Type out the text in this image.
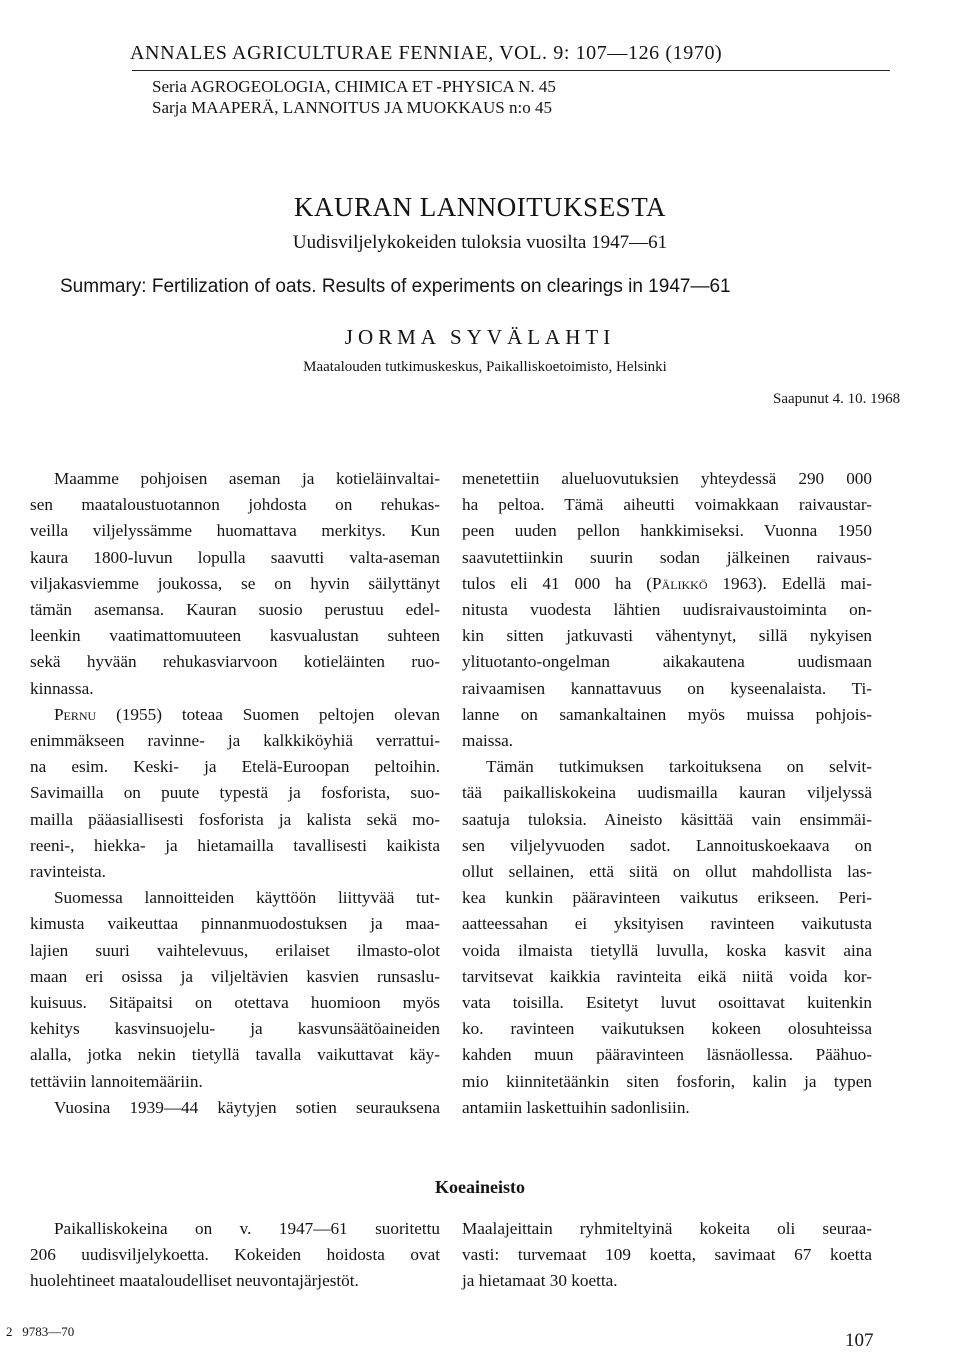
ANNALES AGRICULTURAE FENNIAE, VOL. 9: 107—126 (1970)
Seria AGROGEOLOGIA, CHIMICA ET -PHYSICA N. 45
Sarja MAAPERÄ, LANNOITUS JA MUOKKAUS n:o 45
KAURAN LANNOITUKSESTA
Uudisviljelykokeiden tuloksia vuosilta 1947—61
Summary: Fertilization of oats. Results of experiments on clearings in 1947—61
JORMA SYVÄLAHTI
Maatalouden tutkimuskeskus, Paikalliskoetoimisto, Helsinki
Saapunut 4. 10. 1968

Maamme pohjoisen aseman ja kotieläinvaltai-

sen maataloustuotannon johdosta on rehukas-

veilla viljelyssämme huomattava merkitys. Kun

kaura 1800-luvun lopulla saavutti valta-aseman

viljakasviemme joukossa, se on hyvin säilyttänyt

tämän asemansa. Kauran suosio perustuu edel-

leenkin vaatimattomuuteen kasvualustan suhteen

sekä hyvään rehukasviarvoon kotieläinten ruo-

kinnassa.

Pernu (1955) toteaa Suomen peltojen olevan

enimmäkseen ravinne- ja kalkkiköyhiä verrattui-

na esim. Keski- ja Etelä-Euroopan peltoihin.

Savimailla on puute typestä ja fosforista, suo-

mailla pääasiallisesti fosforista ja kalista sekä mo-

reeni-, hiekka- ja hietamailla tavallisesti kaikista

ravinteista.

Suomessa lannoitteiden käyttöön liittyvää tut-

kimusta vaikeuttaa pinnanmuodostuksen ja maa-

lajien suuri vaihtelevuus, erilaiset ilmasto-olot

maan eri osissa ja viljeltävien kasvien runsaslu-

kuisuus. Sitäpaitsi on otettava huomioon myös

kehitys kasvinsuojelu- ja kasvunsäätöaineiden

alalla, jotka nekin tietyllä tavalla vaikuttavat käy-

tettäviin lannoitemääriin.

Vuosina 1939—44 käytyjen sotien seurauksena

menetettiin alueluovutuksien yhteydessä 290 000

ha peltoa. Tämä aiheutti voimakkaan raivaustar-

peen uuden pellon hankkimiseksi. Vuonna 1950

saavutettiinkin suurin sodan jälkeinen raivaus-

tulos eli 41 000 ha (Pälikkö 1963). Edellä mai-

nitusta vuodesta lähtien uudisraivaustoiminta on-

kin sitten jatkuvasti vähentynyt, sillä nykyisen

ylituotanto-ongelman aikakautena uudismaan

raivaamisen kannattavuus on kyseenalaista. Ti-

lanne on samankaltainen myös muissa pohjois-

maissa.

Tämän tutkimuksen tarkoituksena on selvit-

tää paikalliskokeina uudismailla kauran viljelyssä

saatuja tuloksia. Aineisto käsittää vain ensimmäi-

sen viljelyvuoden sadot. Lannoituskoekaava on

ollut sellainen, että siitä on ollut mahdollista las-

kea kunkin pääravinteen vaikutus erikseen. Peri-

aatteessahan ei yksityisen ravinteen vaikutusta

voida ilmaista tietyllä luvulla, koska kasvit aina

tarvitsevat kaikkia ravinteita eikä niitä voida kor-

vata toisilla. Esitetyt luvut osoittavat kuitenkin

ko. ravinteen vaikutuksen kokeen olosuhteissa

kahden muun pääravinteen läsnäollessa. Päähuo-

mio kiinnitetäänkin siten fosforin, kalin ja typen

antamiin laskettuihin sadonlisiin.

Koeaineisto

Paikalliskokeina on v. 1947—61 suoritettu

206 uudisviljelykoetta. Kokeiden hoidosta ovat

huolehtineet maataloudelliset neuvontajärjestöt.

Maalajeittain ryhmiteltyinä kokeita oli seuraa-

vasti: turvemaat 109 koetta, savimaat 67 koetta

ja hietamaat 30 koetta.

2   9783—70	107
